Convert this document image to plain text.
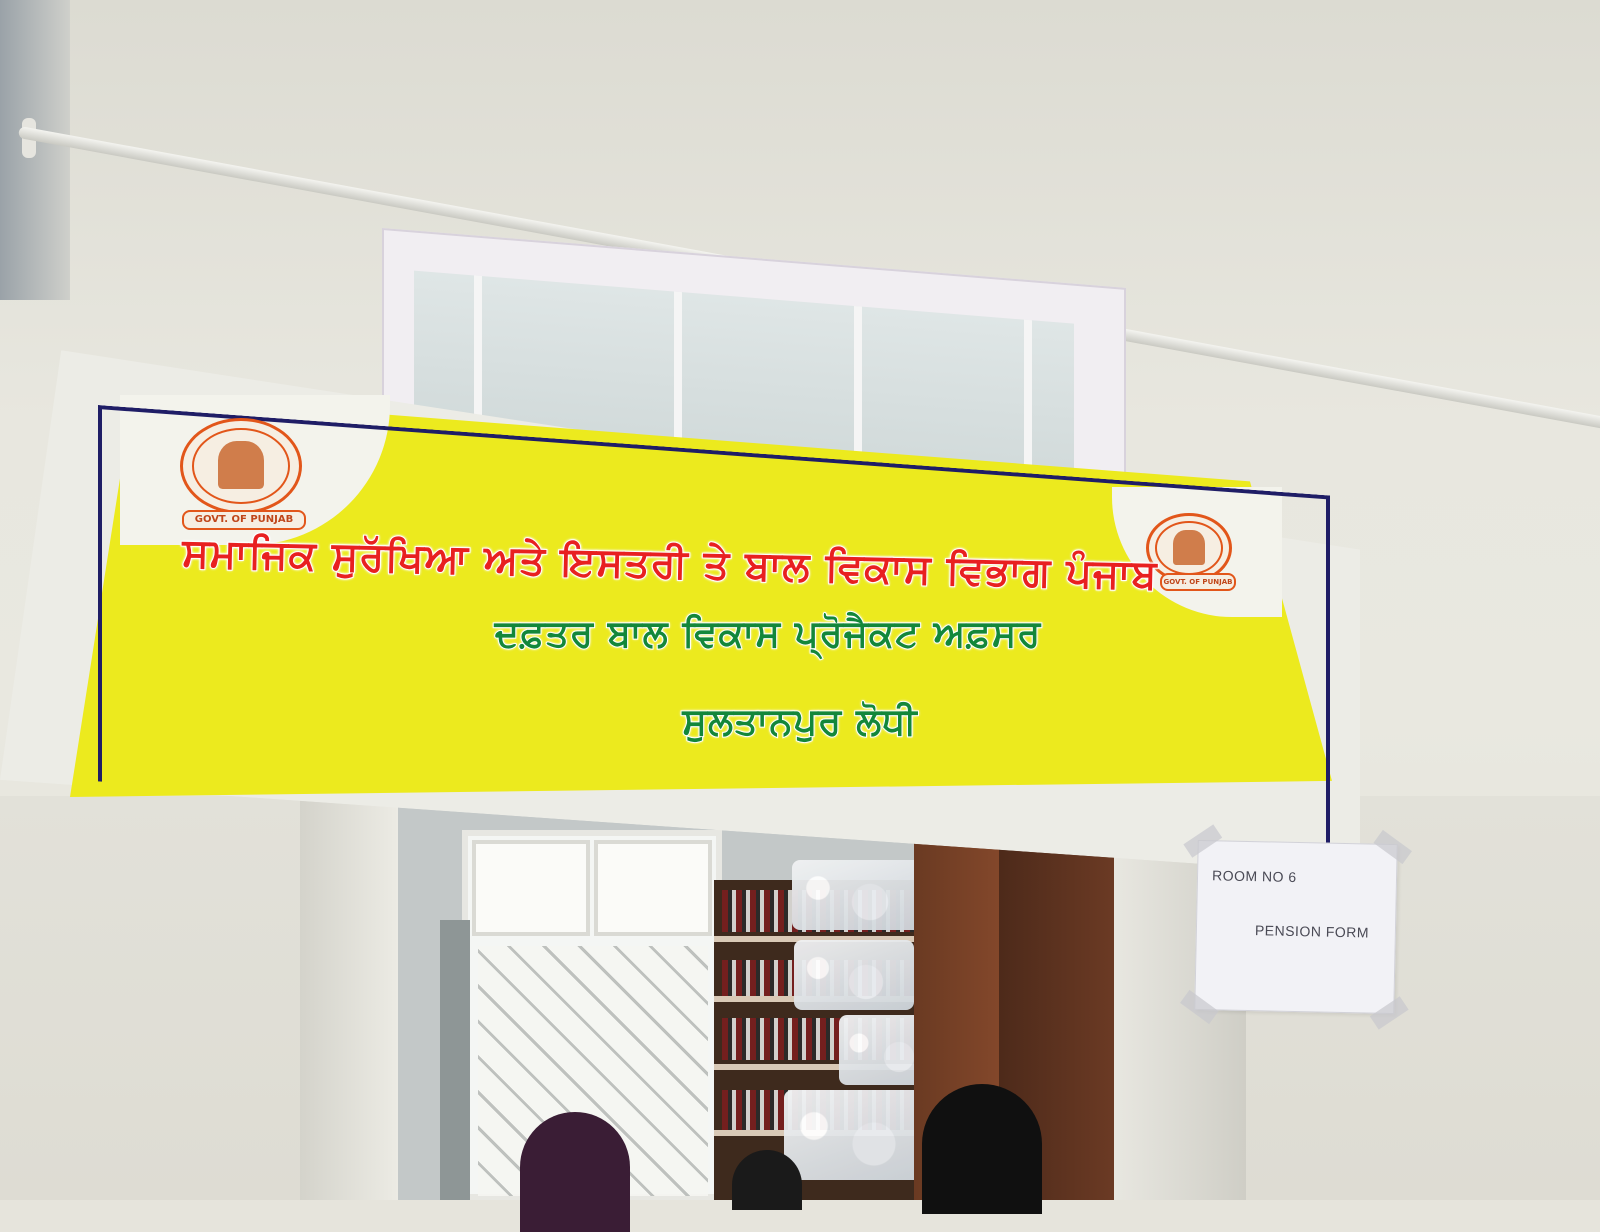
GOVT. OF PUNJAB
GOVT. OF PUNJAB
ਸਮਾਜਿਕ ਸੁਰੱਖਿਆ ਅਤੇ ਇਸਤਰੀ ਤੇ ਬਾਲ ਵਿਕਾਸ ਵਿਭਾਗ ਪੰਜਾਬ
ਦਫ਼ਤਰ ਬਾਲ ਵਿਕਾਸ ਪ੍ਰੋਜੈਕਟ ਅਫ਼ਸਰ
ਸੁਲਤਾਨਪੁਰ ਲੋਧੀ
ROOM NO 6
PENSION FORM
